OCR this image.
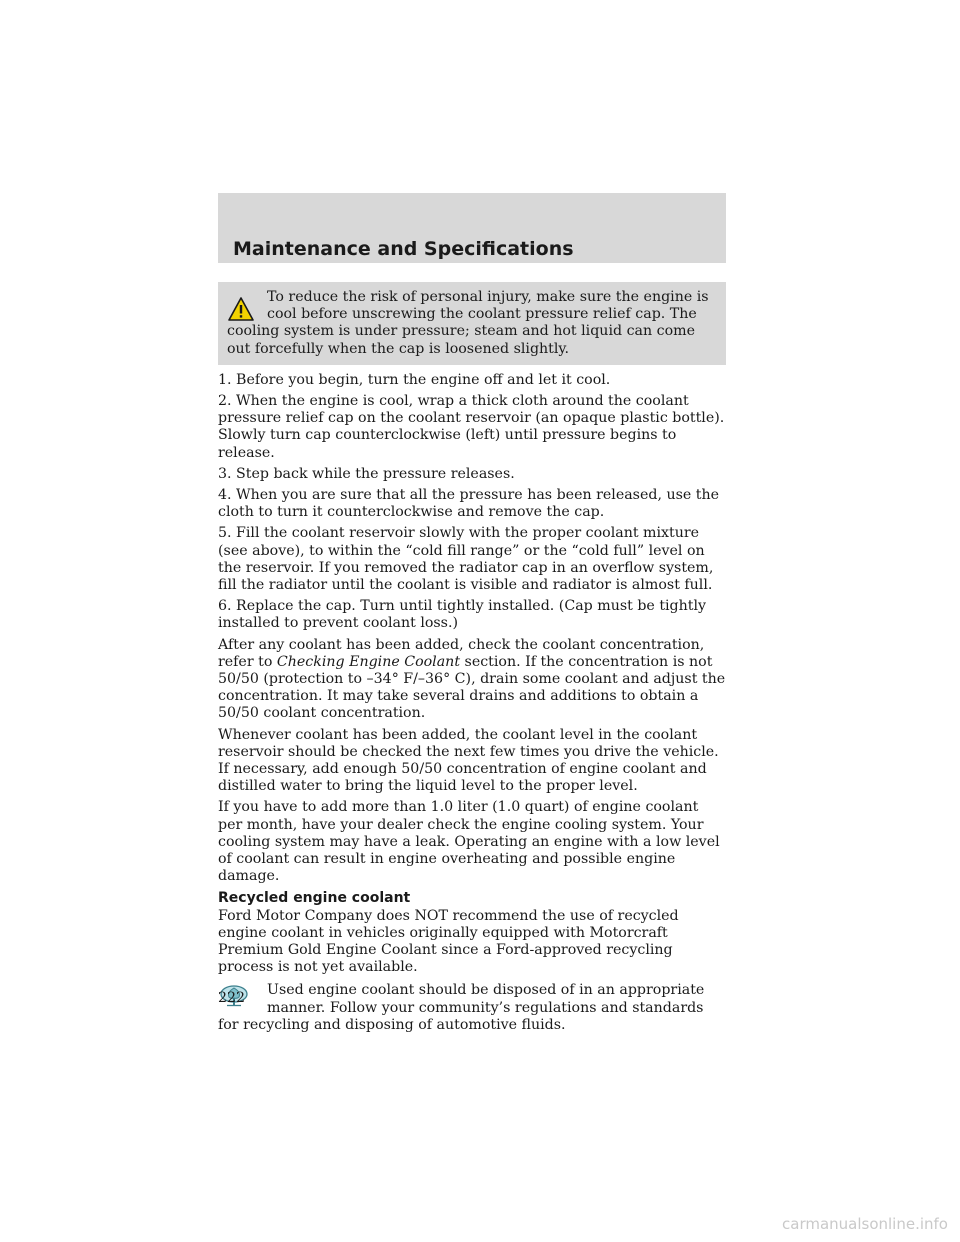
Maintenance and Specifications

To reduce the risk of personal injury, make sure the engine is cool before unscrewing the coolant pressure relief cap. The cooling system is under pressure; steam and hot liquid can come out forcefully when the cap is loosened slightly.

1. Before you begin, turn the engine off and let it cool.

2. When the engine is cool, wrap a thick cloth around the coolant pressure relief cap on the coolant reservoir (an opaque plastic bottle). Slowly turn cap counterclockwise (left) until pressure begins to release.

3. Step back while the pressure releases.

4. When you are sure that all the pressure has been released, use the cloth to turn it counterclockwise and remove the cap.

5. Fill the coolant reservoir slowly with the proper coolant mixture (see above), to within the “cold fill range” or the “cold full” level on the reservoir. If you removed the radiator cap in an overflow system, fill the radiator until the coolant is visible and radiator is almost full.

6. Replace the cap. Turn until tightly installed. (Cap must be tightly installed to prevent coolant loss.)

After any coolant has been added, check the coolant concentration, refer to Checking Engine Coolant section. If the concentration is not 50/50 (protection to –34° F/–36° C), drain some coolant and adjust the concentration. It may take several drains and additions to obtain a 50/50 coolant concentration.

Whenever coolant has been added, the coolant level in the coolant reservoir should be checked the next few times you drive the vehicle. If necessary, add enough 50/50 concentration of engine coolant and distilled water to bring the liquid level to the proper level.

If you have to add more than 1.0 liter (1.0 quart) of engine coolant per month, have your dealer check the engine cooling system. Your cooling system may have a leak. Operating an engine with a low level of coolant can result in engine overheating and possible engine damage.

Recycled engine coolant

Ford Motor Company does NOT recommend the use of recycled engine coolant in vehicles originally equipped with Motorcraft Premium Gold Engine Coolant since a Ford-approved recycling process is not yet available.

Used engine coolant should be disposed of in an appropriate manner. Follow your community’s regulations and standards for recycling and disposing of automotive fluids.

222
carmanualsonline.info
